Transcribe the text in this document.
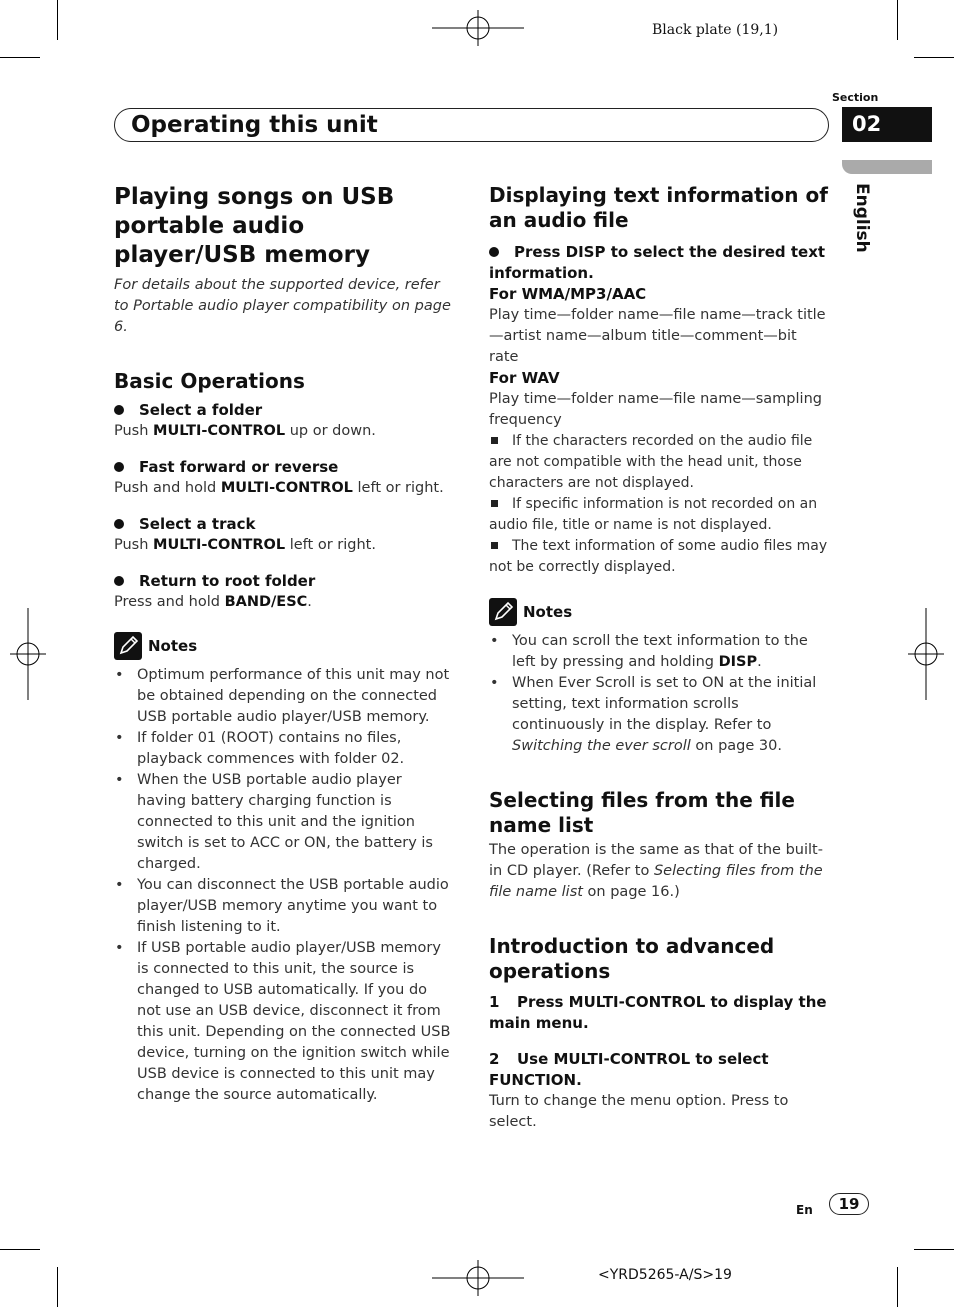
Black plate (19,1)
Section
02
Operating this unit
English
Playing songs on USB portable audio player/USB memory

For details about the supported device, refer to Portable audio player compatibility on page 6.

Basic Operations

Select a folder

Push MULTI-CONTROL up or down.

Fast forward or reverse

Push and hold MULTI-CONTROL left or right.

Select a track

Push MULTI-CONTROL left or right.

Return to root folder

Press and hold BAND/ESC.

Notes
• Optimum performance of this unit may not be obtained depending on the connected USB portable audio player/USB memory.
• If folder 01 (ROOT) contains no files, playback commences with folder 02.
• When the USB portable audio player having battery charging function is connected to this unit and the ignition switch is set to ACC or ON, the battery is charged.
• You can disconnect the USB portable audio player/USB memory anytime you want to finish listening to it.
• If USB portable audio player/USB memory is connected to this unit, the source is changed to USB automatically. If you do not use an USB device, disconnect it from this unit. Depending on the connected USB device, turning on the ignition switch while USB device is connected to this unit may change the source automatically.
Displaying text information of an audio file

Press DISP to select the desired text information.

For WMA/MP3/AAC

Play time—folder name—file name—track title—artist name—album title—comment—bit rate

For WAV

Play time—folder name—file name—sampling frequency

If the characters recorded on the audio file are not compatible with the head unit, those characters are not displayed.

If specific information is not recorded on an audio file, title or name is not displayed.

The text information of some audio files may not be correctly displayed.

Notes
• You can scroll the text information to the left by pressing and holding DISP.
• When Ever Scroll is set to ON at the initial setting, text information scrolls continuously in the display. Refer to Switching the ever scroll on page 30.
Selecting files from the file name list

The operation is the same as that of the built-in CD player. (Refer to Selecting files from the file name list on page 16.)

Introduction to advanced operations

1 Press MULTI-CONTROL to display the main menu.

2 Use MULTI-CONTROL to select FUNCTION.

Turn to change the menu option. Press to select.

En	19
<YRD5265-A/S>19
